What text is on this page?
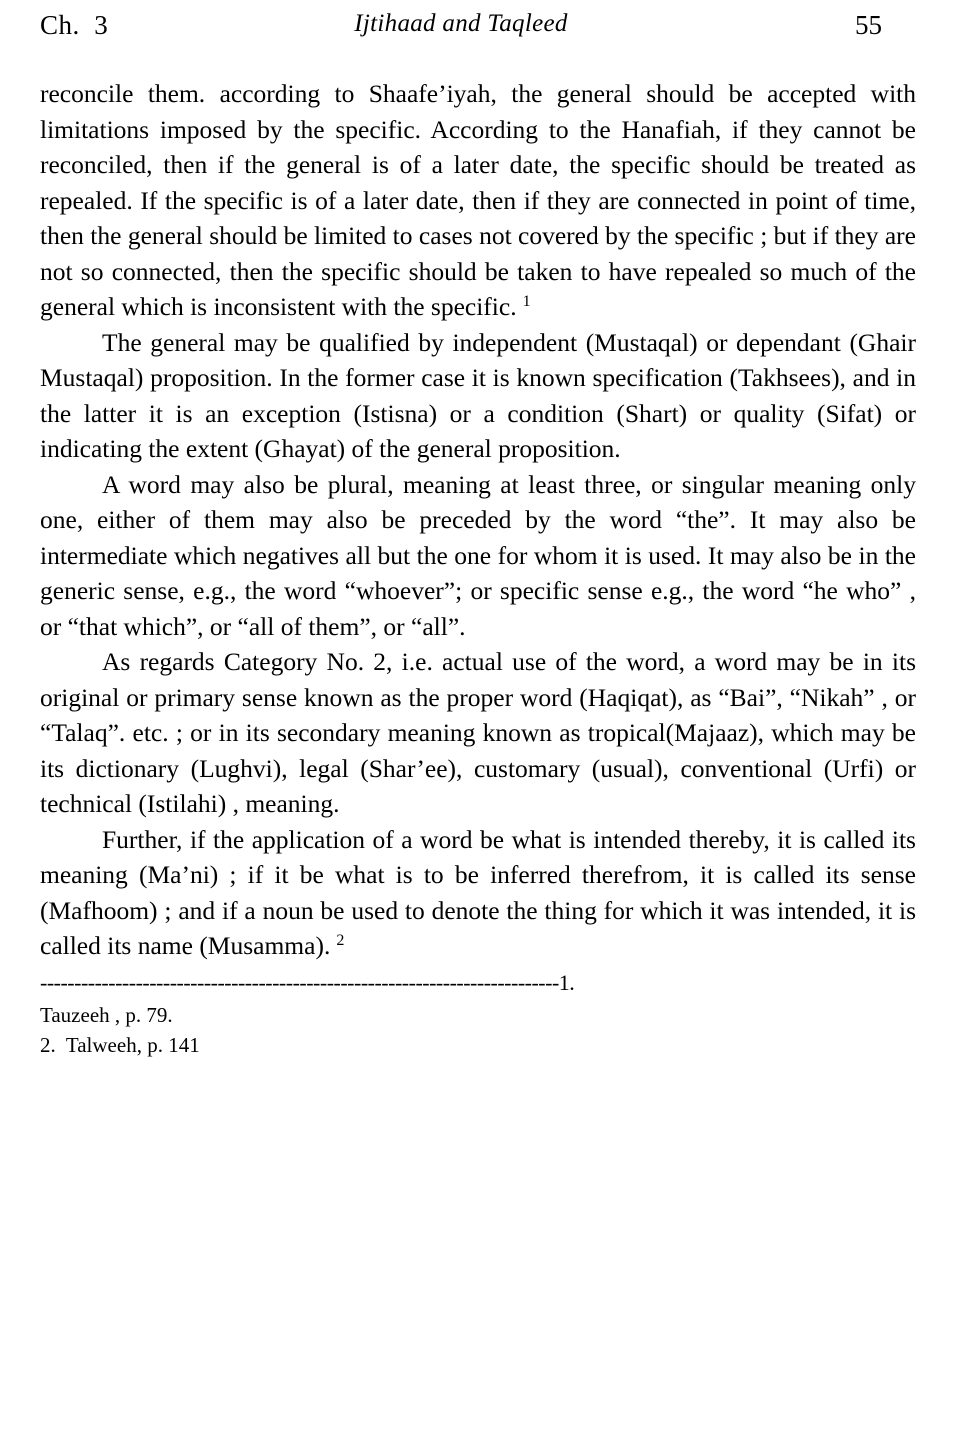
Ch.  3	Ijtihaad and Taqleed	55

reconcile them. according to Shaafe’iyah, the general should be accepted with limitations imposed by the specific. According to the Hanafiah, if they cannot be reconciled, then if the general is of a later date, the specific should be treated as repealed. If the specific is of a later date, then if they are connected in point of time, then the general should be limited to cases not covered by the specific ; but if they are not so connected, then the specific should be taken to have repealed so much of the general which is inconsistent with the specific. $^1$

The general may be qualified by independent (Mustaqal) or dependant (Ghair Mustaqal) proposition. In the former case it is known specification (Takhsees), and in the latter it is an exception (Istisna) or a condition (Shart) or quality (Sifat) or indicating the extent (Ghayat) of the general proposition.

A word may also be plural, meaning at least three, or singular meaning only one, either of them may also be preceded by the word “the”. It may also be intermediate which negatives all but the one for whom it is used. It may also be in the generic sense, e.g., the word “whoever”; or specific sense e.g., the word “he who” , or “that which”, or “all of them”, or “all”.

As regards Category No. 2, i.e. actual use of the word, a word may be in its original or primary sense known as the proper word (Haqiqat), as “Bai”, “Nikah” , or “Talaq”. etc. ; or in its secondary meaning known as tropical(Majaaz), which may be its dictionary (Lughvi), legal (Shar’ee), customary (usual), conventional (Urfi) or technical (Istilahi) , meaning.

Further, if the application of a word be what is intended thereby, it is called its meaning (Ma’ni) ; if it be what is to be inferred therefrom, it is called its sense (Mafhoom) ; and if a noun be used to denote the thing for which it was intended, it is called its name (Musamma). $^2$

----------------------------------------------------------------------------1.
Tauzeeh , p. 79.
2.  Talweeh, p. 141
